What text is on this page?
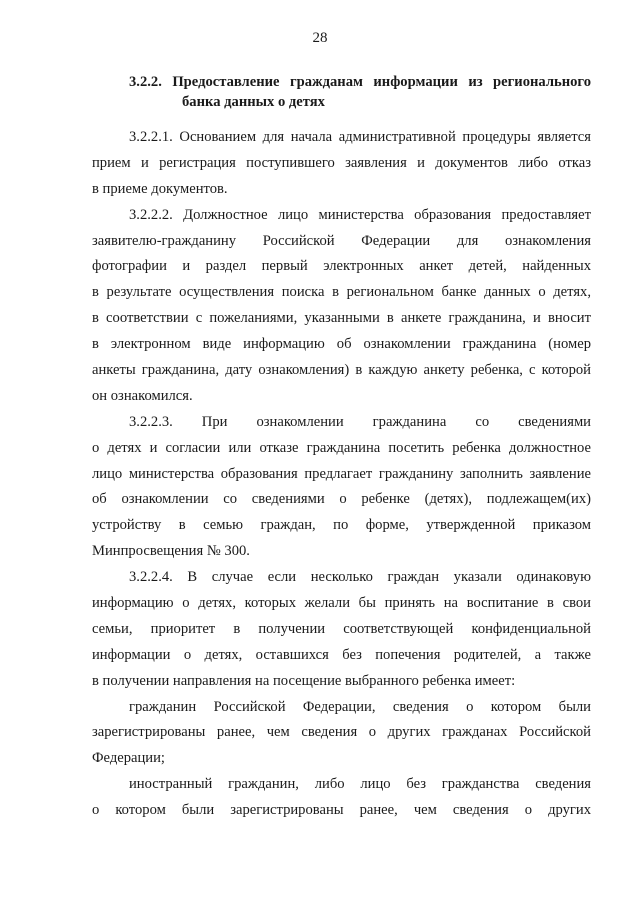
28
3.2.2. Предоставление гражданам информации из регионального
банка данных о детях
3.2.2.1. Основанием для начала административной процедуры является
прием и регистрация поступившего заявления и документов либо отказ
в приеме документов.
3.2.2.2. Должностное лицо министерства образования предоставляет
заявителю-гражданину Российской Федерации для ознакомления
фотографии и раздел первый электронных анкет детей, найденных
в результате осуществления поиска в региональном банке данных о детях,
в соответствии с пожеланиями, указанными в анкете гражданина, и вносит
в электронном виде информацию об ознакомлении гражданина (номер
анкеты гражданина, дату ознакомления) в каждую анкету ребенка, с которой
он ознакомился.
3.2.2.3. При ознакомлении гражданина со сведениями
о детях и согласии или отказе гражданина посетить ребенка должностное
лицо министерства образования предлагает гражданину заполнить заявление
об ознакомлении со сведениями о ребенке (детях), подлежащем(их)
устройству в семью граждан, по форме, утвержденной приказом
Минпросвещения № 300.
3.2.2.4. В случае если несколько граждан указали одинаковую
информацию о детях, которых желали бы принять на воспитание в свои
семьи, приоритет в получении соответствующей конфиденциальной
информации о детях, оставшихся без попечения родителей, а также
в получении направления на посещение выбранного ребенка имеет:
гражданин Российской Федерации, сведения о котором были
зарегистрированы ранее, чем сведения о других гражданах Российской
Федерации;
иностранный гражданин, либо лицо без гражданства сведения
о котором были зарегистрированы ранее, чем сведения о других
